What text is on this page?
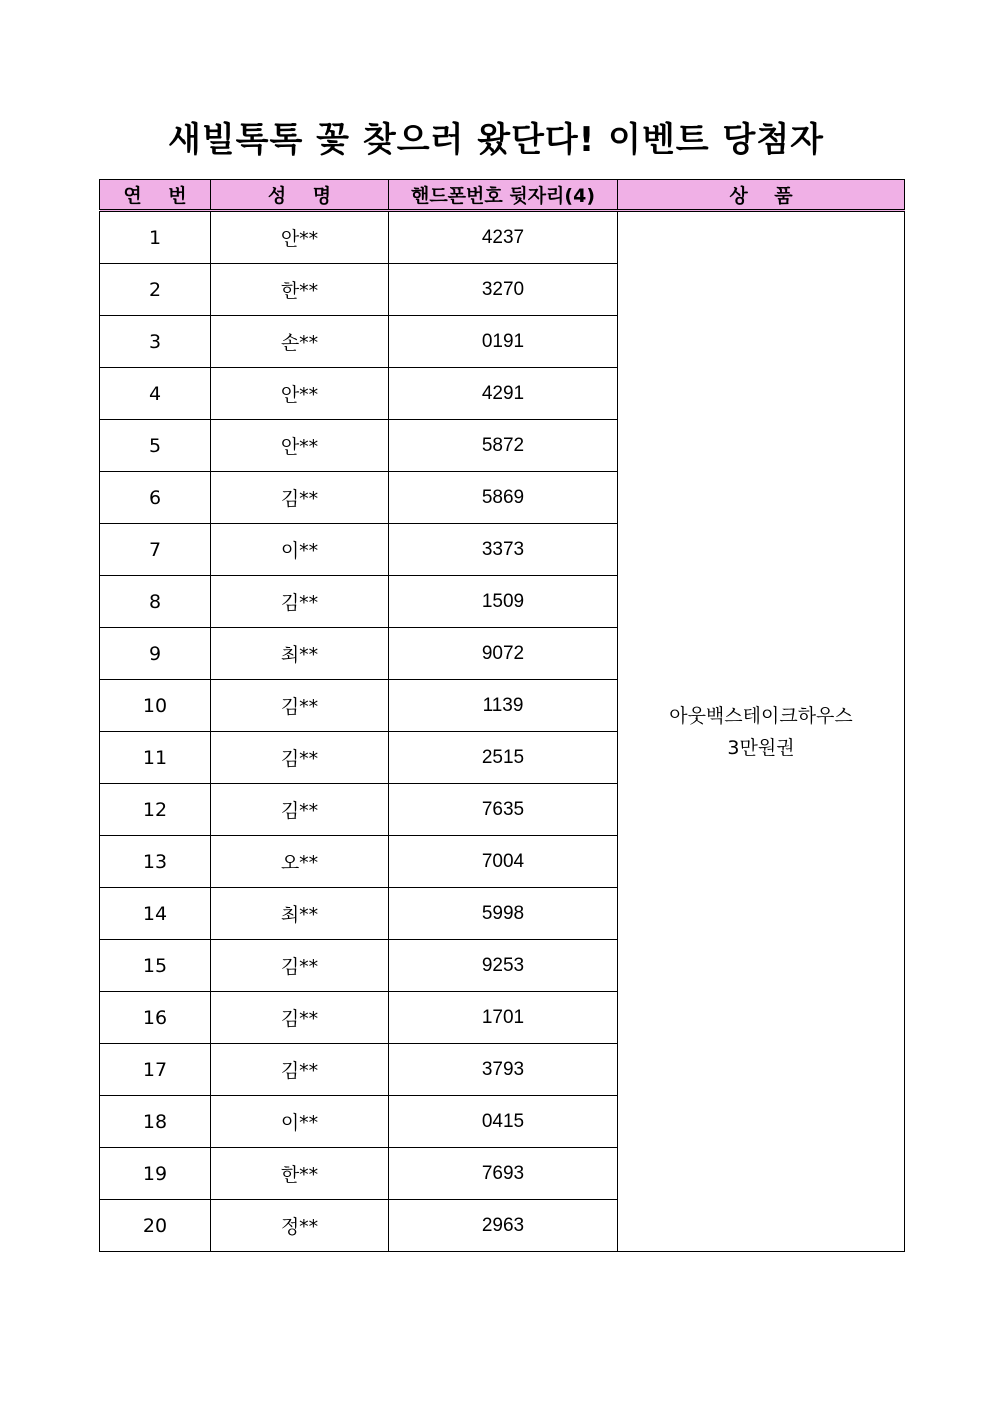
새빌톡톡 꽃 찾으러 왔단다! 이벤트 당첨자
연    번	성    명	핸드폰번호 뒷자리(4)	상    품
1	안**	4237	아웃백스테이크하우스
3만원권

2	한**	3270	
3	손**	0191	
4	안**	4291	
5	안**	5872	
6	김**	5869	
7	이**	3373	
8	김**	1509	
9	최**	9072	
10	김**	1139	
11	김**	2515	
12	김**	7635	
13	오**	7004	
14	최**	5998	
15	김**	9253	
16	김**	1701	
17	김**	3793	
18	이**	0415	
19	한**	7693	
20	정**	2963	
